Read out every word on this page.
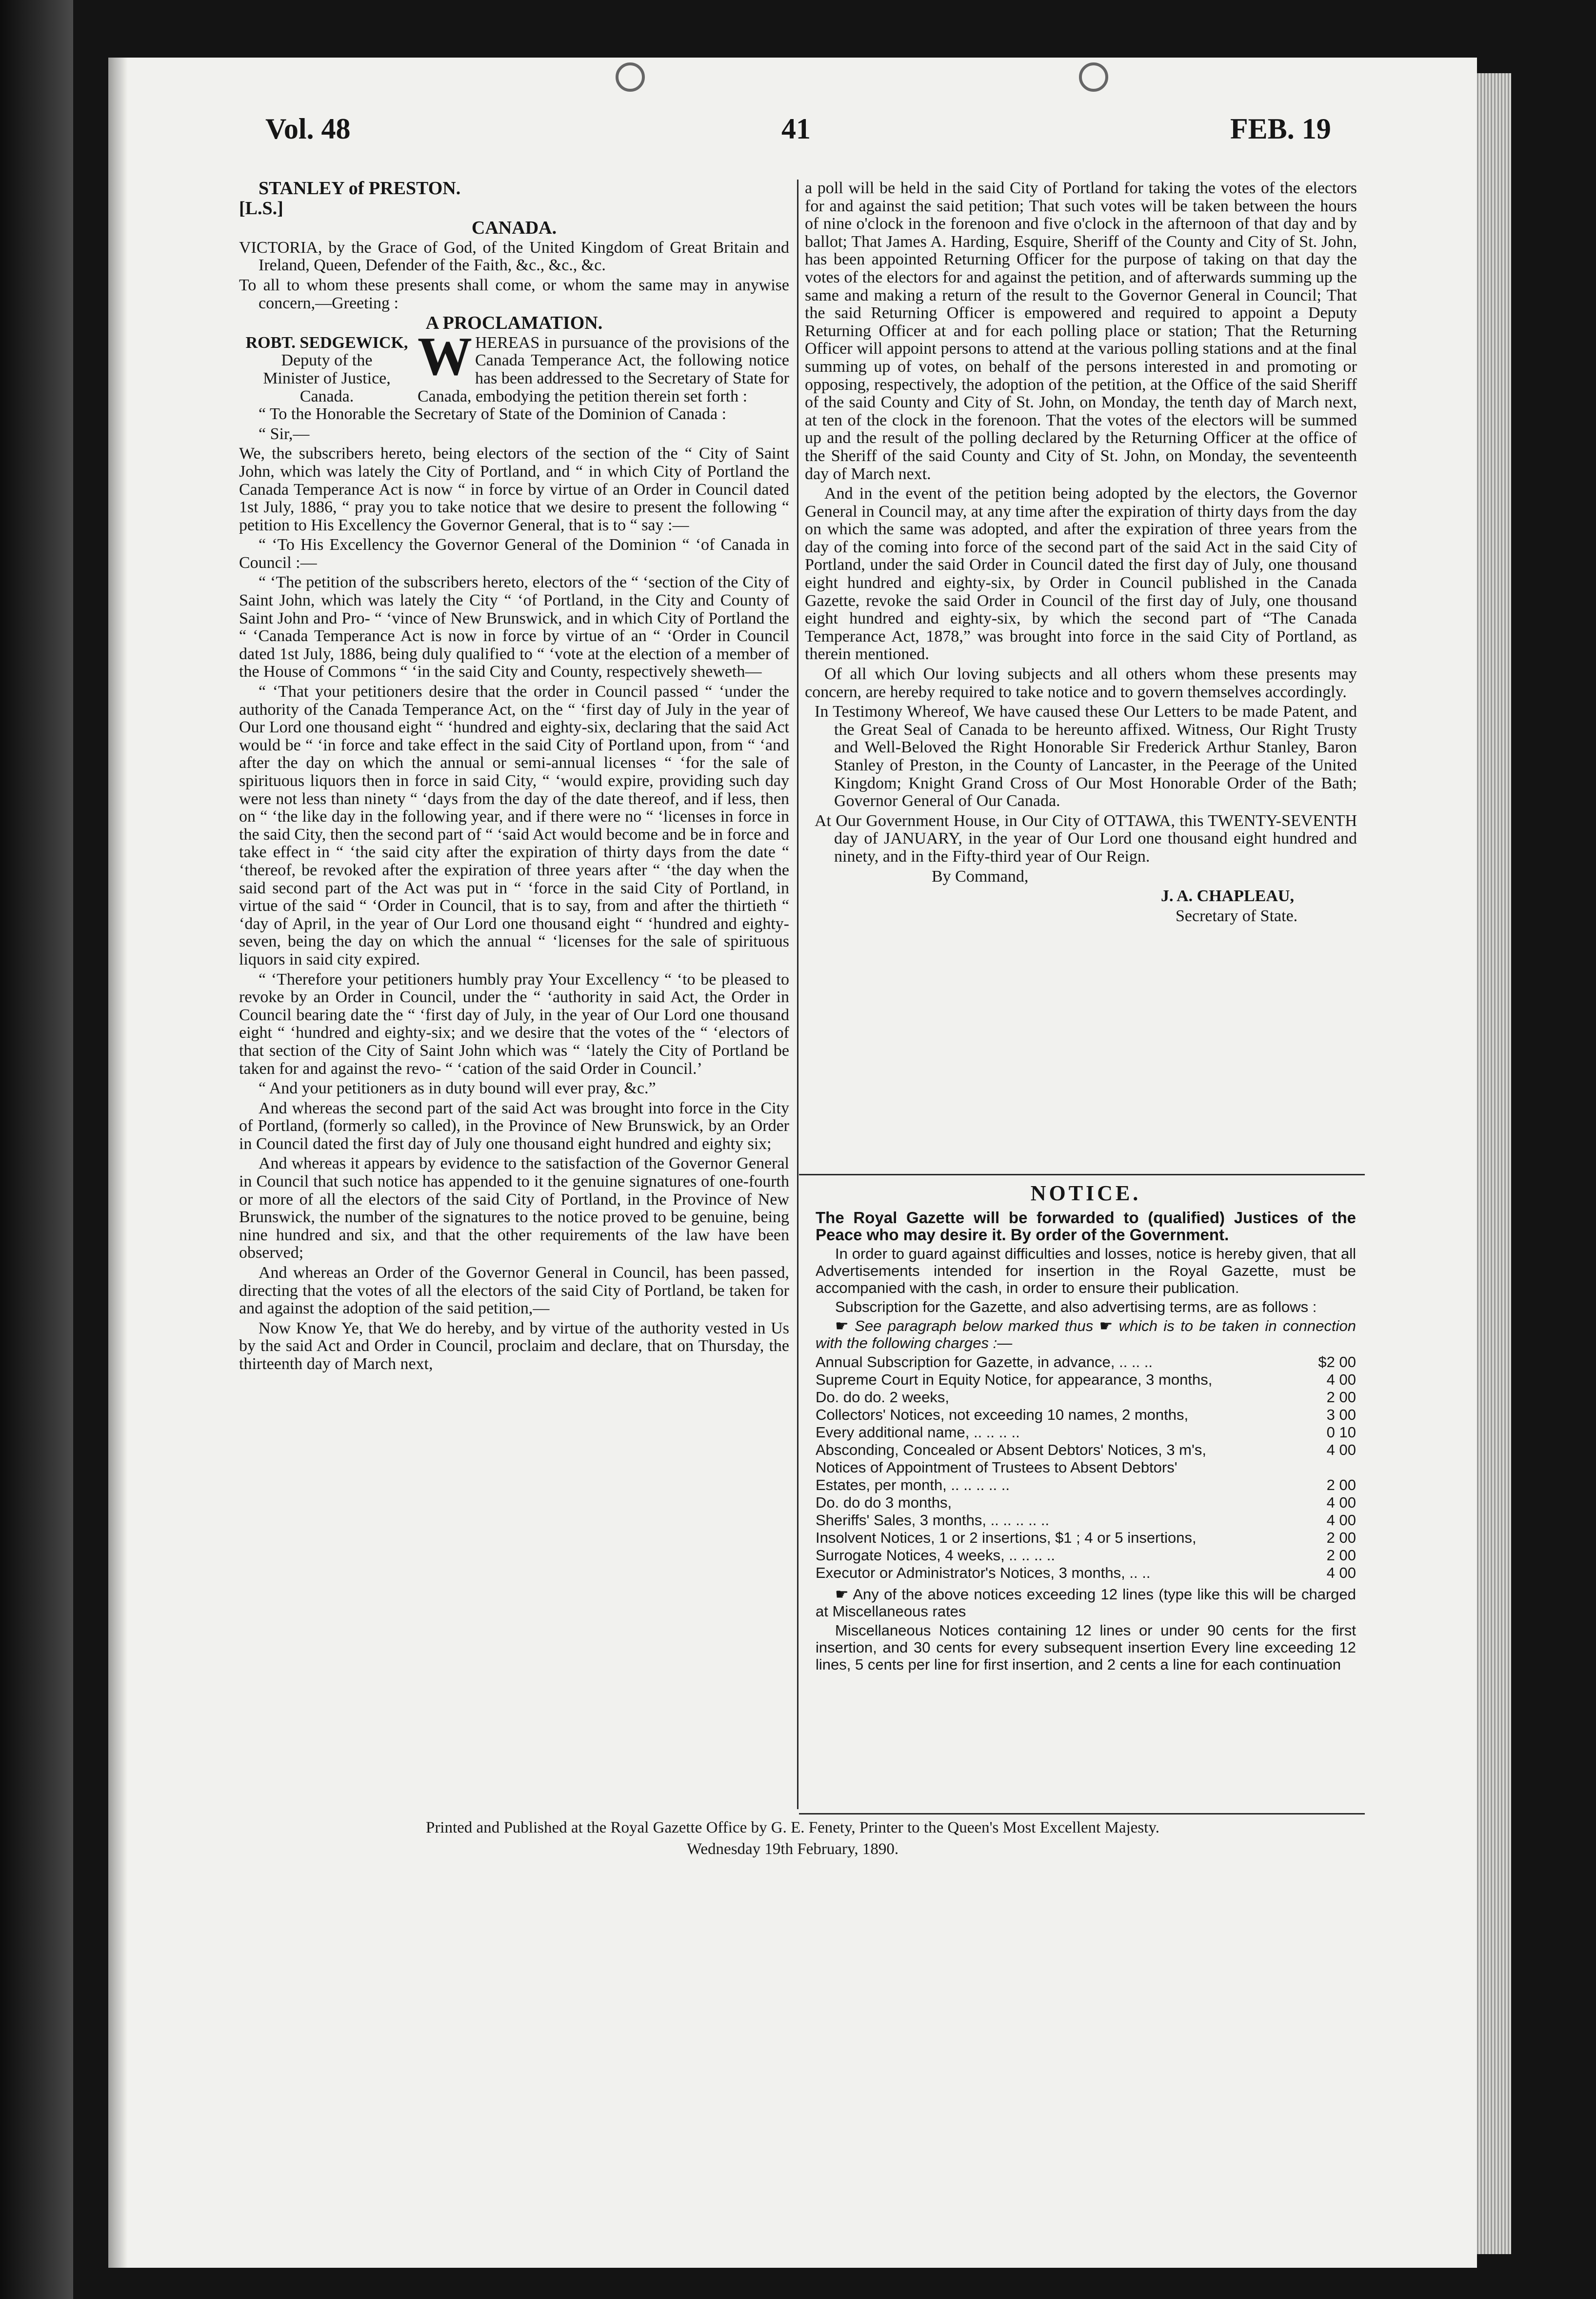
Vol. 48	41	FEB. 19

STANLEY of PRESTON.

[L.S.]

CANADA.

VICTORIA, by the Grace of God, of the United Kingdom of Great Britain and Ireland, Queen, Defender of the Faith, &c., &c., &c.

To all to whom these presents shall come, or whom the same may in anywise concern,—Greeting :

A PROCLAMATION.

ROBT. SEDGEWICK,
Deputy of the
Minister of Justice,
Canada.
W HEREAS in pursuance of the provisions of the Canada Temperance Act, the following notice has been addressed to the Secretary of State for Canada, embodying the petition therein set forth :

“ To the Honorable the Secretary of State of the Dominion of Canada :

“ Sir,—

We, the subscribers hereto, being electors of the section of the “ City of Saint John, which was lately the City of Portland, and “ in which City of Portland the Canada Temperance Act is now “ in force by virtue of an Order in Council dated 1st July, 1886, “ pray you to take notice that we desire to present the following “ petition to His Excellency the Governor General, that is to “ say :—

“ ‘To His Excellency the Governor General of the Dominion “ ‘of Canada in Council :—

“ ‘The petition of the subscribers hereto, electors of the “ ‘section of the City of Saint John, which was lately the City “ ‘of Portland, in the City and County of Saint John and Pro- “ ‘vince of New Brunswick, and in which City of Portland the “ ‘Canada Temperance Act is now in force by virtue of an “ ‘Order in Council dated 1st July, 1886, being duly qualified to “ ‘vote at the election of a member of the House of Commons “ ‘in the said City and County, respectively sheweth—

“ ‘That your petitioners desire that the order in Council passed “ ‘under the authority of the Canada Temperance Act, on the “ ‘first day of July in the year of Our Lord one thousand eight “ ‘hundred and eighty-six, declaring that the said Act would be “ ‘in force and take effect in the said City of Portland upon, from “ ‘and after the day on which the annual or semi-annual licenses “ ‘for the sale of spirituous liquors then in force in said City, “ ‘would expire, providing such day were not less than ninety “ ‘days from the day of the date thereof, and if less, then on “ ‘the like day in the following year, and if there were no “ ‘licenses in force in the said City, then the second part of “ ‘said Act would become and be in force and take effect in “ ‘the said city after the expiration of thirty days from the date “ ‘thereof, be revoked after the expiration of three years after “ ‘the day when the said second part of the Act was put in “ ‘force in the said City of Portland, in virtue of the said “ ‘Order in Council, that is to say, from and after the thirtieth “ ‘day of April, in the year of Our Lord one thousand eight “ ‘hundred and eighty-seven, being the day on which the annual “ ‘licenses for the sale of spirituous liquors in said city expired.

“ ‘Therefore your petitioners humbly pray Your Excellency “ ‘to be pleased to revoke by an Order in Council, under the “ ‘authority in said Act, the Order in Council bearing date the “ ‘first day of July, in the year of Our Lord one thousand eight “ ‘hundred and eighty-six; and we desire that the votes of the “ ‘electors of that section of the City of Saint John which was “ ‘lately the City of Portland be taken for and against the revo- “ ‘cation of the said Order in Council.’

“ And your petitioners as in duty bound will ever pray, &c.”

And whereas the second part of the said Act was brought into force in the City of Portland, (formerly so called), in the Province of New Brunswick, by an Order in Council dated the first day of July one thousand eight hundred and eighty six;

And whereas it appears by evidence to the satisfaction of the Governor General in Council that such notice has appended to it the genuine signatures of one-fourth or more of all the electors of the said City of Portland, in the Province of New Brunswick, the number of the signatures to the notice proved to be genuine, being nine hundred and six, and that the other requirements of the law have been observed;

And whereas an Order of the Governor General in Council, has been passed, directing that the votes of all the electors of the said City of Portland, be taken for and against the adoption of the said petition,—

Now Know Ye, that We do hereby, and by virtue of the authority vested in Us by the said Act and Order in Council, proclaim and declare, that on Thursday, the thirteenth day of March next,

a poll will be held in the said City of Portland for taking the votes of the electors for and against the said petition; That such votes will be taken between the hours of nine o'clock in the forenoon and five o'clock in the afternoon of that day and by ballot; That James A. Harding, Esquire, Sheriff of the County and City of St. John, has been appointed Returning Officer for the purpose of taking on that day the votes of the electors for and against the petition, and of afterwards summing up the same and making a return of the result to the Governor General in Council; That the said Returning Officer is empowered and required to appoint a Deputy Returning Officer at and for each polling place or station; That the Returning Officer will appoint persons to attend at the various polling stations and at the final summing up of votes, on behalf of the persons interested in and promoting or opposing, respectively, the adoption of the petition, at the Office of the said Sheriff of the said County and City of St. John, on Monday, the tenth day of March next, at ten of the clock in the forenoon. That the votes of the electors will be summed up and the result of the polling declared by the Returning Officer at the office of the Sheriff of the said County and City of St. John, on Monday, the seventeenth day of March next.

And in the event of the petition being adopted by the electors, the Governor General in Council may, at any time after the expiration of thirty days from the day on which the same was adopted, and after the expiration of three years from the day of the coming into force of the second part of the said Act in the said City of Portland, under the said Order in Council dated the first day of July, one thousand eight hundred and eighty-six, by Order in Council published in the Canada Gazette, revoke the said Order in Council of the first day of July, one thousand eight hundred and eighty-six, by which the second part of “The Canada Temperance Act, 1878,” was brought into force in the said City of Portland, as therein mentioned.

Of all which Our loving subjects and all others whom these presents may concern, are hereby required to take notice and to govern themselves accordingly.

In Testimony Whereof, We have caused these Our Letters to be made Patent, and the Great Seal of Canada to be hereunto affixed. Witness, Our Right Trusty and Well-Beloved the Right Honorable Sir Frederick Arthur Stanley, Baron Stanley of Preston, in the County of Lancaster, in the Peerage of the United Kingdom; Knight Grand Cross of Our Most Honorable Order of the Bath; Governor General of Our Canada.

At Our Government House, in Our City of OTTAWA, this TWENTY-SEVENTH day of JANUARY, in the year of Our Lord one thousand eight hundred and ninety, and in the Fifty-third year of Our Reign.

By Command,

J. A. CHAPLEAU,

Secretary of State.

NOTICE.

The Royal Gazette will be forwarded to (qualified) Justices of the Peace who may desire it. By order of the Government.

In order to guard against difficulties and losses, notice is hereby given, that all Advertisements intended for insertion in the Royal Gazette, must be accompanied with the cash, in order to ensure their publication.

Subscription for the Gazette, and also advertising terms, are as follows :

☛ See paragraph below marked thus ☛ which is to be taken in connection with the following charges :—

Annual Subscription for Gazette, in advance, .. .. ..	$2 00
Supreme Court in Equity Notice, for appearance, 3 months,	4 00
Do. do do. 2 weeks,	2 00
Collectors' Notices, not exceeding 10 names, 2 months,	3 00
Every additional name, .. .. .. ..	0 10
Absconding, Concealed or Absent Debtors' Notices, 3 m's,	4 00
Notices of Appointment of Trustees to Absent Debtors'	
Estates, per month, .. .. .. .. ..	2 00
Do. do do 3 months,	4 00
Sheriffs' Sales, 3 months, .. .. .. .. ..	4 00
Insolvent Notices, 1 or 2 insertions, $1 ; 4 or 5 insertions,	2 00
Surrogate Notices, 4 weeks, .. .. .. ..	2 00
Executor or Administrator's Notices, 3 months, .. ..	4 00

☛ Any of the above notices exceeding 12 lines (type like this will be charged at Miscellaneous rates

Miscellaneous Notices containing 12 lines or under 90 cents for the first insertion, and 30 cents for every subsequent insertion Every line exceeding 12 lines, 5 cents per line for first insertion, and 2 cents a line for each continuation

Printed and Published at the Royal Gazette Office by G. E. Fenety, Printer to the Queen's Most Excellent Majesty.
Wednesday 19th February, 1890.
